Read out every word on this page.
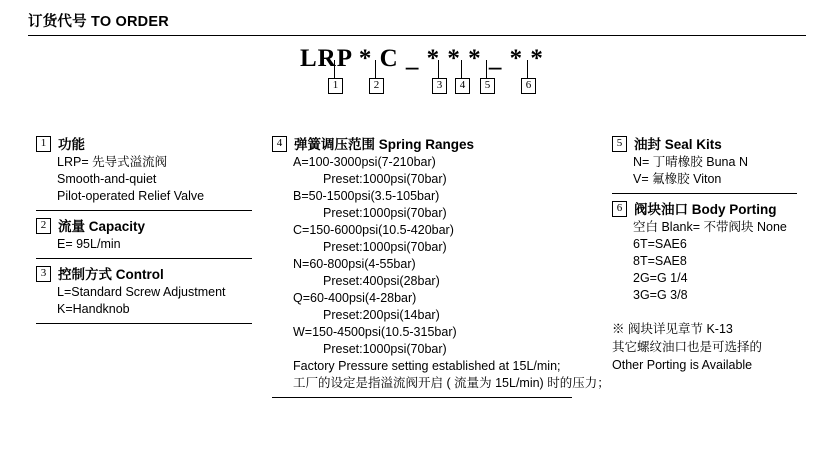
订货代号 TO ORDER
LRP * C _ * * * _ * *
1	2	3	4	5	6
1 功能
LRP= 先导式溢流阀
Smooth-and-quiet
Pilot-operated Relief Valve
2 流量 Capacity
E= 95L/min
3 控制方式 Control
L=Standard Screw Adjustment
K=Handknob
4 弹簧调压范围 Spring Ranges
A=100-3000psi(7-210bar)
Preset:1000psi(70bar)
B=50-1500psi(3.5-105bar)
Preset:1000psi(70bar)
C=150-6000psi(10.5-420bar)
Preset:1000psi(70bar)
N=60-800psi(4-55bar)
Preset:400psi(28bar)
Q=60-400psi(4-28bar)
Preset:200psi(14bar)
W=150-4500psi(10.5-315bar)
Preset:1000psi(70bar)
Factory Pressure setting established at 15L/min;
工厂的设定是指溢流阀开启 ( 流量为 15L/min) 时的压力；
5 油封 Seal Kits
N= 丁晴橡胶 Buna N
V= 氟橡胶 Viton
6 阀块油口 Body Porting
空白 Blank= 不带阀块 None
6T=SAE6
8T=SAE8
2G=G 1/4
3G=G 3/8
※ 阀块详见章节 K-13
其它螺纹油口也是可选择的
Other Porting is Available
